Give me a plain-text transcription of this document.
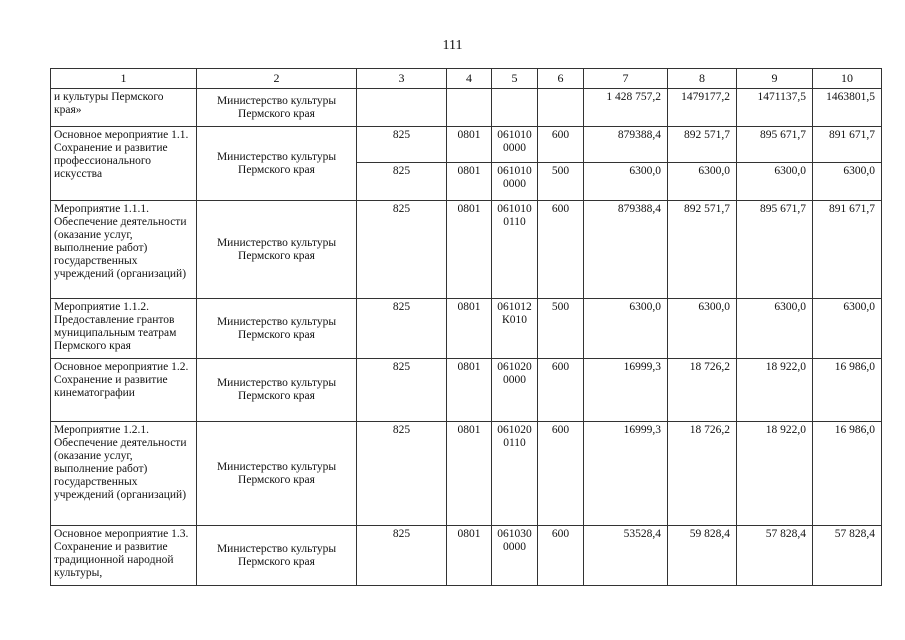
111
1	2	3	4	5	6	7	8	9	10
и культуры Пермского края»	Министерство культуры Пермского края					1 428 757,2	1479177,2	1471137,5	1463801,5
Основное мероприятие 1.1. Сохранение и развитие профессионального искусства	Министерство культуры Пермского края	825	0801	061010 0000	600	879388,4	892 571,7	895 671,7	891 671,7
		825	0801	061010 0000	500	6300,0	6300,0	6300,0	6300,0
Мероприятие 1.1.1. Обеспечение деятельности (оказание услуг, выполнение работ) государственных учреждений (организаций)	Министерство культуры Пермского края	825	0801	061010 0110	600	879388,4	892 571,7	895 671,7	891 671,7
Мероприятие 1.1.2. Предоставление грантов муниципальным театрам Пермского края	Министерство культуры Пермского края	825	0801	061012 К010	500	6300,0	6300,0	6300,0	6300,0
Основное мероприятие 1.2. Сохранение и развитие кинематографии	Министерство культуры Пермского края	825	0801	061020 0000	600	16999,3	18 726,2	18 922,0	16 986,0
Мероприятие 1.2.1. Обеспечение деятельности (оказание услуг, выполнение работ) государственных учреждений (организаций)	Министерство культуры Пермского края	825	0801	061020 0110	600	16999,3	18 726,2	18 922,0	16 986,0
Основное мероприятие 1.3. Сохранение и развитие традиционной народной культуры,	Министерство культуры Пермского края	825	0801	061030 0000	600	53528,4	59 828,4	57 828,4	57 828,4
